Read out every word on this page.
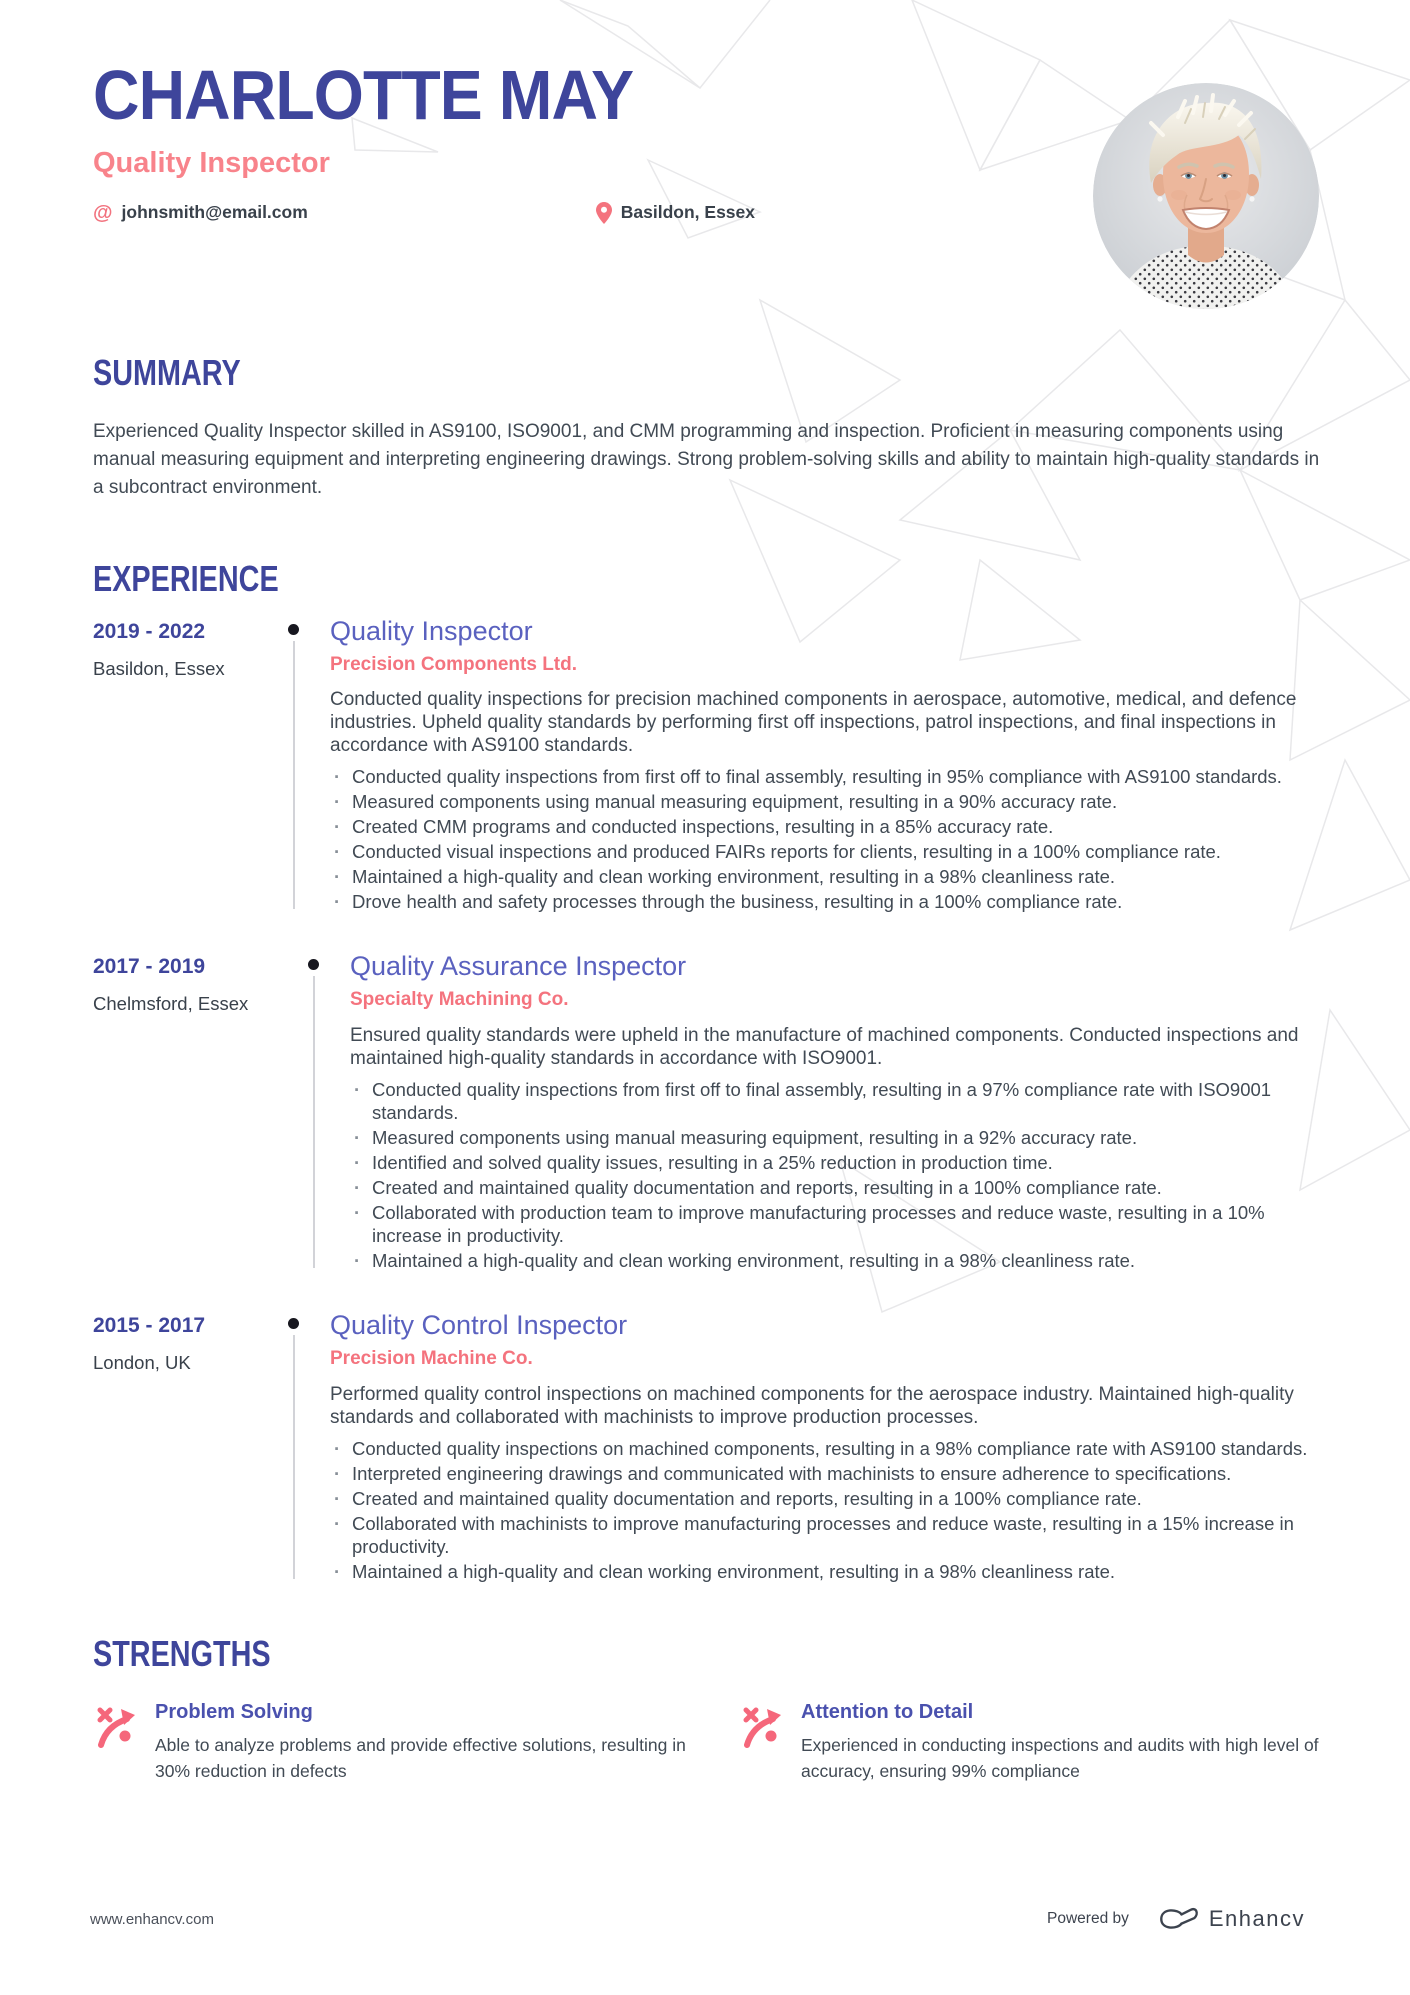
CHARLOTTE MAY
Quality Inspector
@ johnsmith@email.com	Basildon, Essex
SUMMARY

Experienced Quality Inspector skilled in AS9100, ISO9001, and CMM programming and inspection. Proficient in measuring components using manual measuring equipment and interpreting engineering drawings. Strong problem-solving skills and ability to maintain high-quality standards in a subcontract environment.

EXPERIENCE
2019 - 2022
Basildon, Essex
Quality Inspector
Precision Components Ltd.

Conducted quality inspections for precision machined components in aerospace, automotive, medical, and defence industries. Upheld quality standards by performing first off inspections, patrol inspections, and final inspections in accordance with AS9100 standards.

· Conducted quality inspections from first off to final assembly, resulting in 95% compliance with AS9100 standards.
· Measured components using manual measuring equipment, resulting in a 90% accuracy rate.
· Created CMM programs and conducted inspections, resulting in a 85% accuracy rate.
· Conducted visual inspections and produced FAIRs reports for clients, resulting in a 100% compliance rate.
· Maintained a high-quality and clean working environment, resulting in a 98% cleanliness rate.
· Drove health and safety processes through the business, resulting in a 100% compliance rate.
2017 - 2019
Chelmsford, Essex
Quality Assurance Inspector
Specialty Machining Co.

Ensured quality standards were upheld in the manufacture of machined components. Conducted inspections and maintained high-quality standards in accordance with ISO9001.

· Conducted quality inspections from first off to final assembly, resulting in a 97% compliance rate with ISO9001 standards.
· Measured components using manual measuring equipment, resulting in a 92% accuracy rate.
· Identified and solved quality issues, resulting in a 25% reduction in production time.
· Created and maintained quality documentation and reports, resulting in a 100% compliance rate.
· Collaborated with production team to improve manufacturing processes and reduce waste, resulting in a 10% increase in productivity.
· Maintained a high-quality and clean working environment, resulting in a 98% cleanliness rate.
2015 - 2017
London, UK
Quality Control Inspector
Precision Machine Co.

Performed quality control inspections on machined components for the aerospace industry. Maintained high-quality standards and collaborated with machinists to improve production processes.

· Conducted quality inspections on machined components, resulting in a 98% compliance rate with AS9100 standards.
· Interpreted engineering drawings and communicated with machinists to ensure adherence to specifications.
· Created and maintained quality documentation and reports, resulting in a 100% compliance rate.
· Collaborated with machinists to improve manufacturing processes and reduce waste, resulting in a 15% increase in productivity.
· Maintained a high-quality and clean working environment, resulting in a 98% cleanliness rate.
STRENGTHS
Problem Solving
Able to analyze problems and provide effective solutions, resulting in 30% reduction in defects
Attention to Detail
Experienced in conducting inspections and audits with high level of accuracy, ensuring 99% compliance
www.enhancv.com	Powered by	Enhancv
